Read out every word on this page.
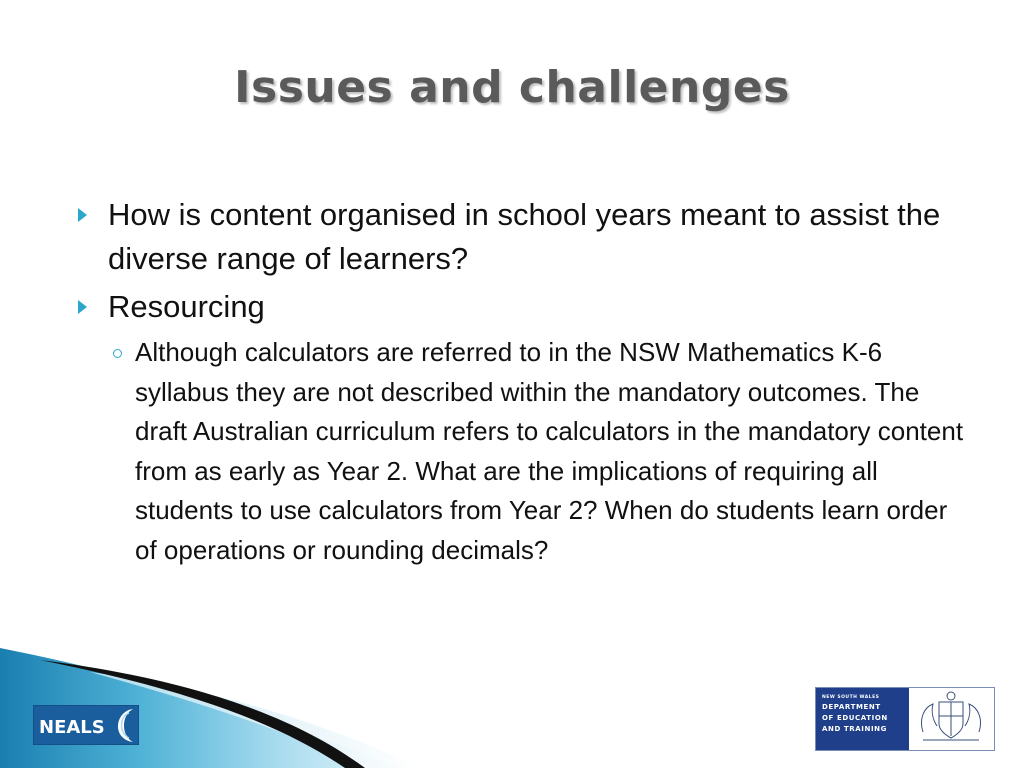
Issues and challenges
How is content organised in school years meant to assist the diverse range of learners?
Resourcing
Although calculators are referred to in the NSW Mathematics K-6 syllabus they are not described within the mandatory outcomes. The draft Australian curriculum refers to calculators in the mandatory content from as early as Year 2. What are the implications of requiring all students to use calculators from Year 2? When do students learn order of operations or rounding decimals?
NEALS
NEW SOUTH WALES
DEPARTMENT
OF EDUCATION
AND TRAINING
